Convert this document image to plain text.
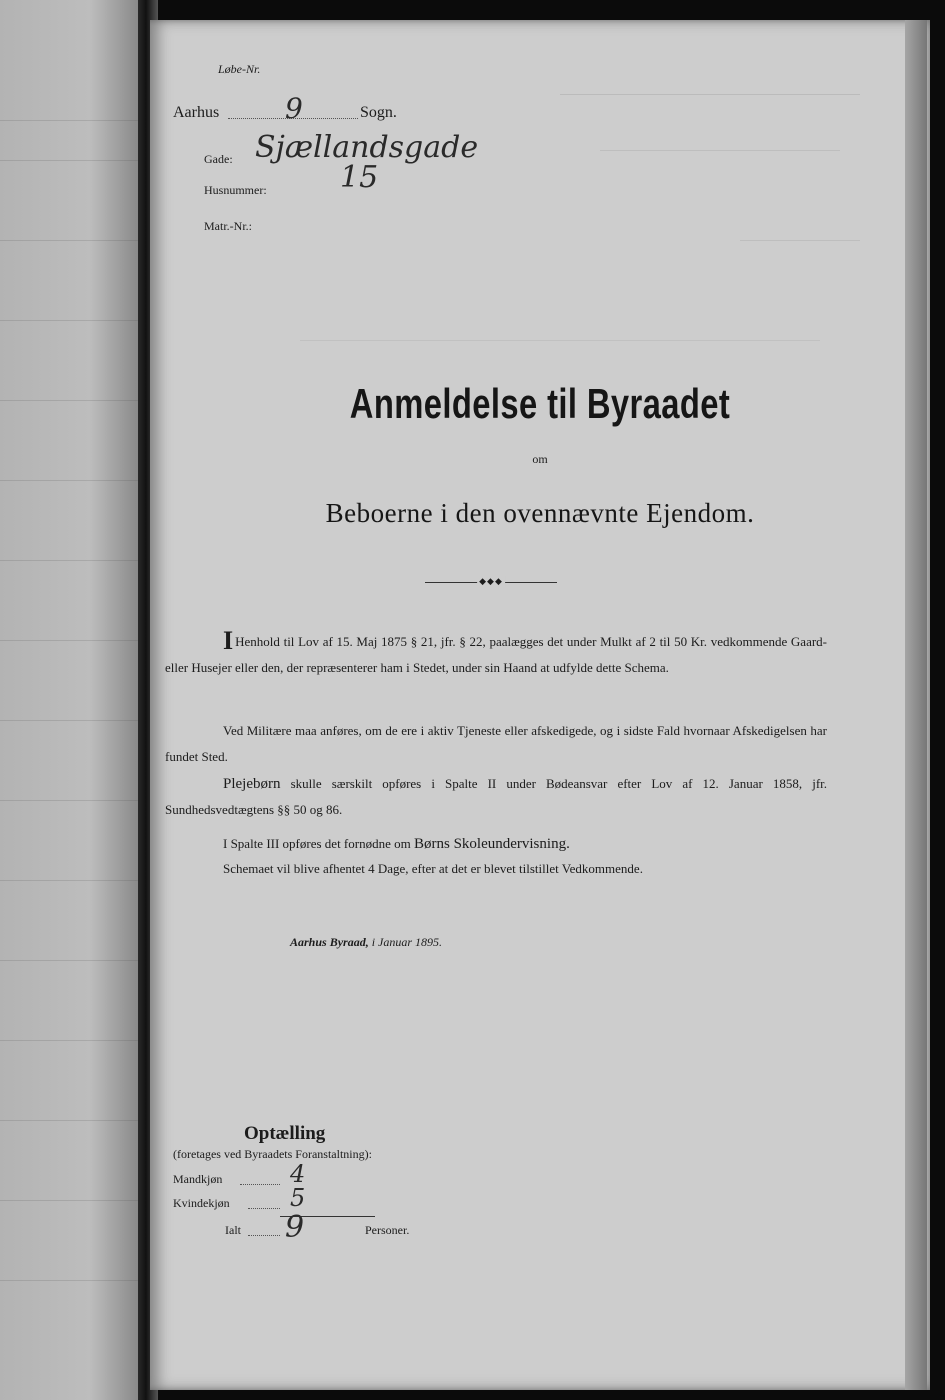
Løbe-Nr.
Aarhus 9	Sogn.
Gade: Sjællandsgade
Husnummer: 15
Matr.-Nr.:
Anmeldelse til Byraadet
om
Beboerne i den ovennævnte Ejendom.
◆◆◆

I Henhold til Lov af 15. Maj 1875 § 21, jfr. § 22, paalægges det under Mulkt af 2 til 50 Kr. vedkommende Gaard- eller Husejer eller den, der repræsenterer ham i Stedet, under sin Haand at udfylde dette Schema.

Ved Militære maa anføres, om de ere i aktiv Tjeneste eller afskedigede, og i sidste Fald hvornaar Afskedigelsen har fundet Sted.

Plejebørn skulle særskilt opføres i Spalte II under Bødeansvar efter Lov af 12. Januar 1858, jfr. Sundhedsvedtægtens §§ 50 og 86.

I Spalte III opføres det fornødne om Børns Skoleundervisning.

Schemaet vil blive afhentet 4 Dage, efter at det er blevet tilstillet Vedkommende.

Aarhus Byraad, i Januar 1895.
Optælling
(foretages ved Byraadets Foranstaltning):
Mandkjøn	4
Kvindekjøn	5
Ialt 9	Personer.
